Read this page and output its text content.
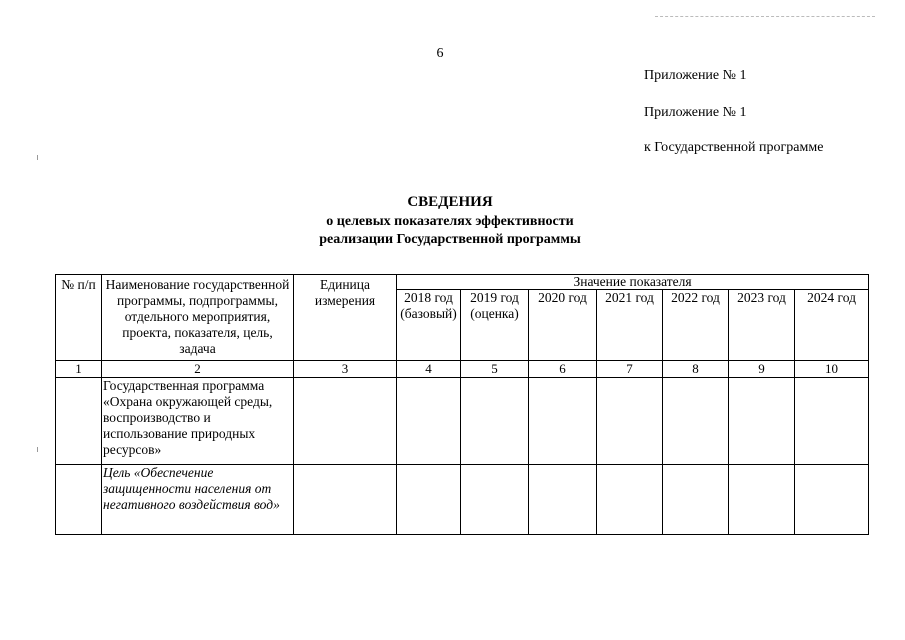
6
Приложение № 1
Приложение № 1
к Государственной программе
СВЕДЕНИЯ
о целевых показателях эффективности
реализации Государственной программы
№ п/п	Наименование государственной программы, подпрограммы, отдельного мероприятия, проекта, показателя, цель, задача	Единица измерения	Значение показателя						
			2018 год (базовый)	2019 год (оценка)	2020 год	2021 год	2022 год	2023 год	2024 год
1	2	3	4	5	6	7	8	9	10
	Государственная программа «Охрана окружающей среды, воспроизводство и использование природных ресурсов»								
	Цель «Обеспечение защищенности населения от негативного воздействия вод»								
